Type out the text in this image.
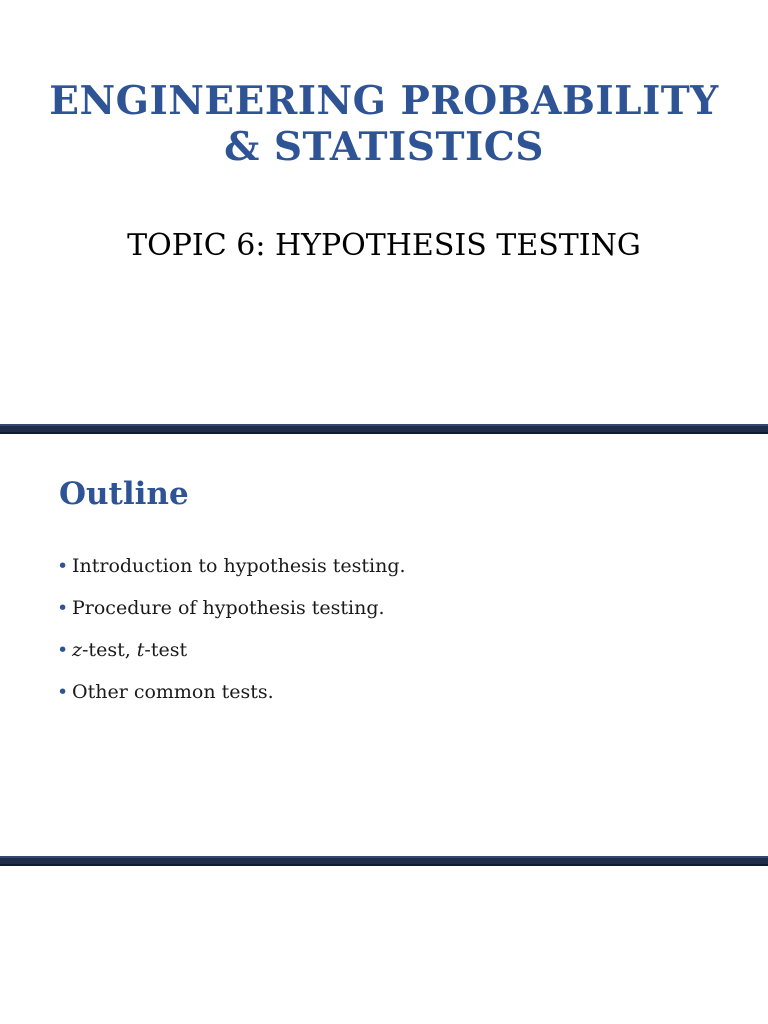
ENGINEERING PROBABILITY
& STATISTICS

TOPIC 6: HYPOTHESIS TESTING

Outline
• Introduction to hypothesis testing.
• Procedure of hypothesis testing.
• z-test, t-test
• Other common tests.
